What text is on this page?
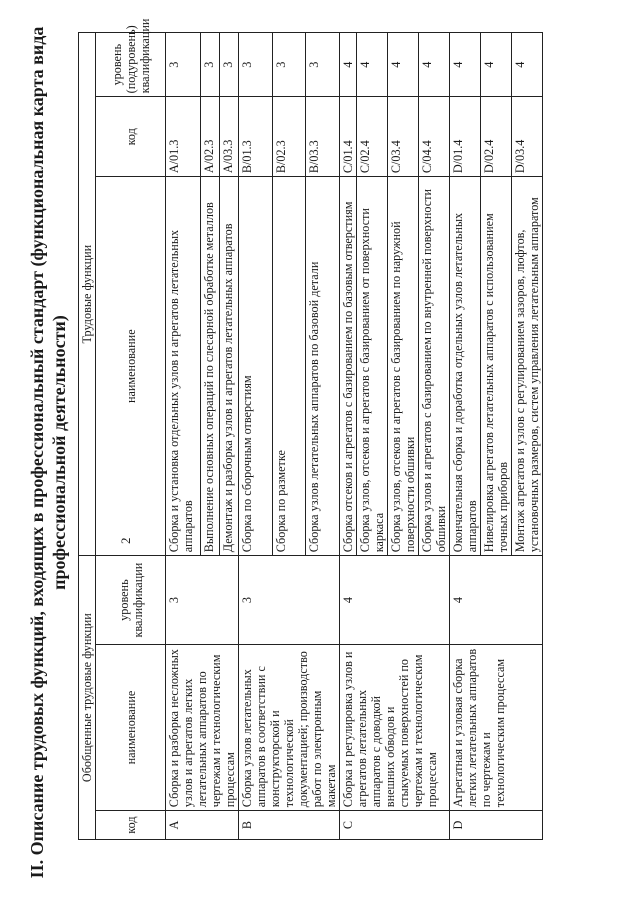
II. Описание трудовых функций, входящих в профессиональный стандарт (функциональная карта вида профессиональной деятельности)
Обобщенные трудовые функции			Трудовые функции		
код	наименование	уровень квалификации	наименование	код	уровень (подуровень) квалификации
A	Сборка и разборка несложных узлов и агрегатов легких летательных аппаратов по чертежам и технологическим процессам	3	Сборка и установка отдельных узлов и агрегатов летательных аппаратов	A/01.3	3
			Выполнение основных операций по слесарной обработке металлов	A/02.3	3
			Демонтаж и разборка узлов и агрегатов летательных аппаратов	A/03.3	3
B	Сборка узлов летательных аппаратов в соответствии с конструкторской и технологической документацией; производство работ по электронным макетам	3	Сборка по сборочным отверстиям	B/01.3	3
			Сборка по разметке	B/02.3	3
			Сборка узлов летательных аппаратов по базовой детали	B/03.3	3
C	Сборка и регулировка узлов и агрегатов летательных аппаратов с доводкой внешних обводов и стыкуемых поверхностей по чертежам и технологическим процессам	4	Сборка отсеков и агрегатов с базированием по базовым отверстиям	C/01.4	4
			Сборка узлов, отсеков и агрегатов с базированием от поверхности каркаса	C/02.4	4
			Сборка узлов, отсеков и агрегатов с базированием по наружной поверхности обшивки	C/03.4	4
			Сборка узлов и агрегатов с базированием по внутренней поверхности обшивки	C/04.4	4
D	Агрегатная и узловая сборка легких летательных аппаратов по чертежам и технологическим процессам	4	Окончательная сборка и доработка отдельных узлов летательных аппаратов	D/01.4	4
			Нивелировка агрегатов летательных аппаратов с использованием точных приборов	D/02.4	4
			Монтаж агрегатов и узлов с регулированием зазоров, люфтов, установочных размеров, систем управления летательным аппаратом	D/03.4	4
2
